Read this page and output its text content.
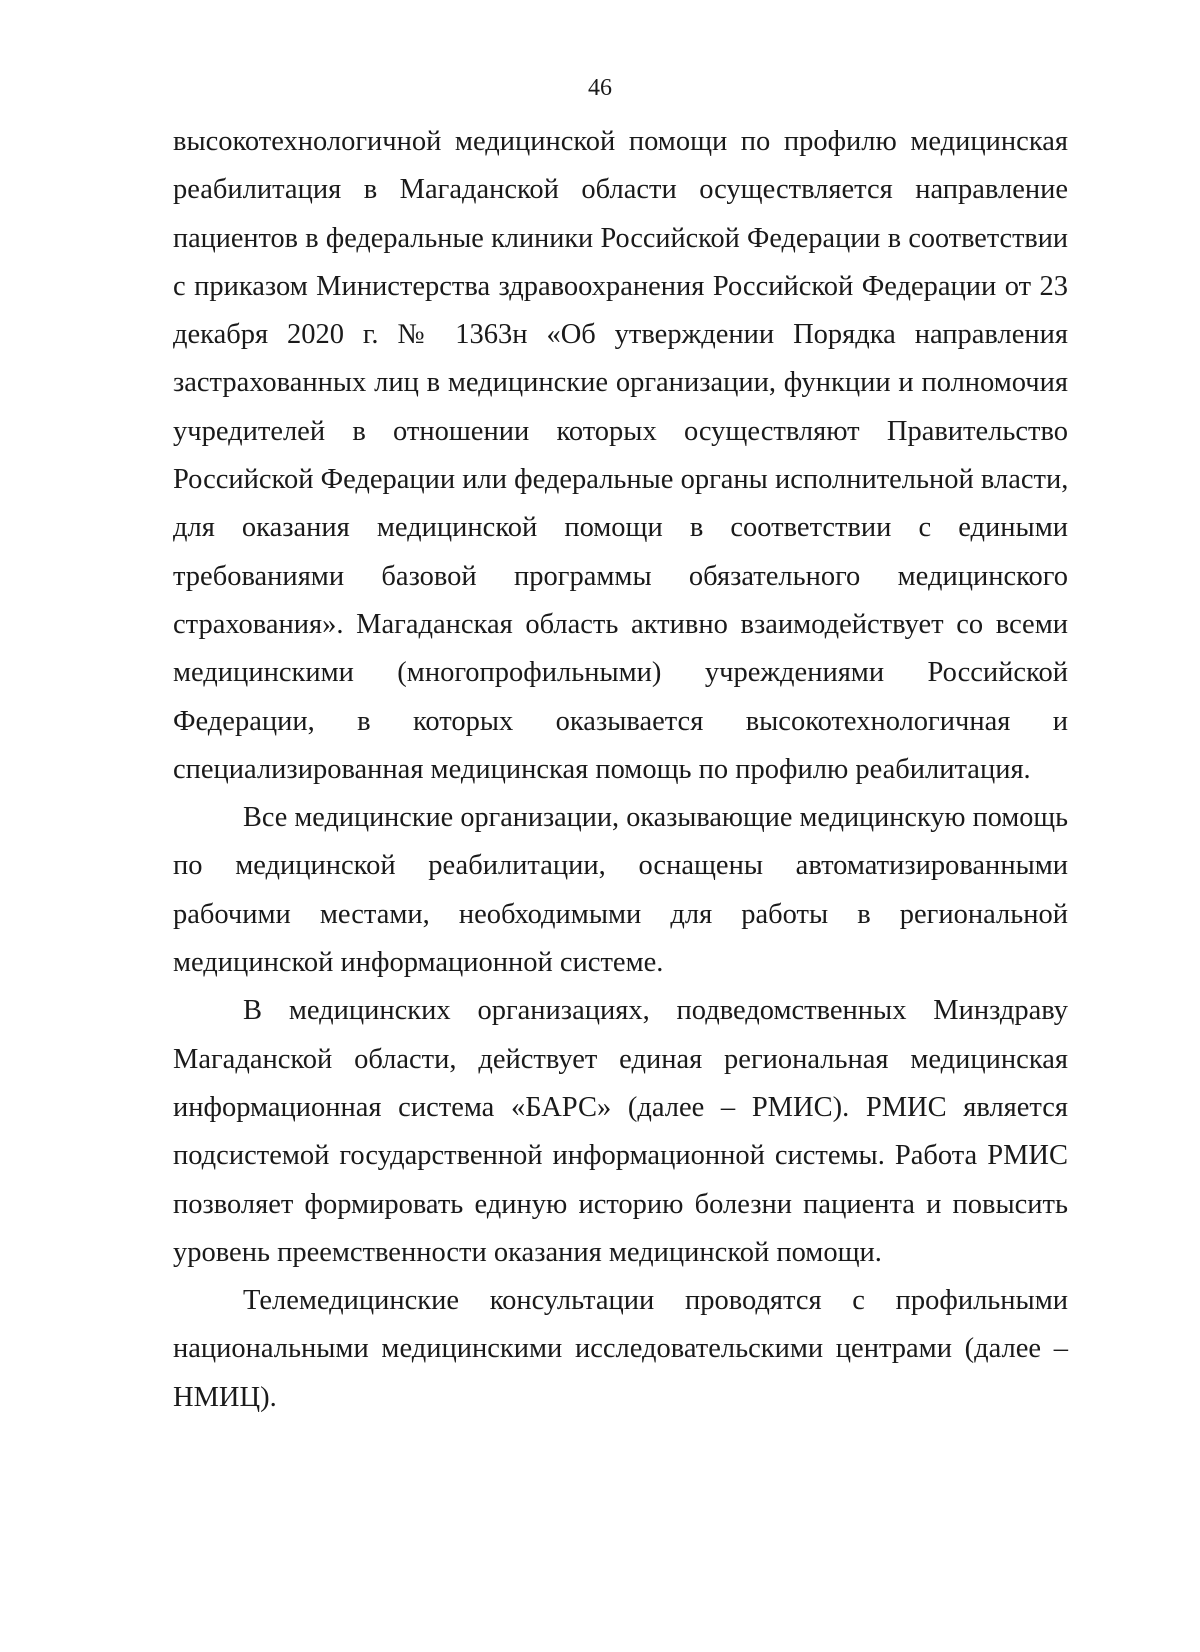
46
высокотехнологичной медицинской помощи по профилю медицинская
реабилитация в Магаданской области осуществляется направление
пациентов в федеральные клиники Российской Федерации в соответствии
с приказом Министерства здравоохранения Российской Федерации от 23
декабря 2020 г. № 1363н «Об утверждении Порядка направления
застрахованных лиц в медицинские организации, функции и полномочия
учредителей в отношении которых осуществляют Правительство
Российской Федерации или федеральные органы исполнительной власти,
для оказания медицинской помощи в соответствии с едиными
требованиями базовой программы обязательного медицинского
страхования». Магаданская область активно взаимодействует со всеми
медицинскими (многопрофильными) учреждениями Российской
Федерации, в которых оказывается высокотехнологичная и
специализированная медицинская помощь по профилю реабилитация.
Все медицинские организации, оказывающие медицинскую помощь
по медицинской реабилитации, оснащены автоматизированными
рабочими местами, необходимыми для работы в региональной
медицинской информационной системе.
В медицинских организациях, подведомственных Минздраву
Магаданской области, действует единая региональная медицинская
информационная система «БАРС» (далее – РМИС). РМИС является
подсистемой государственной информационной системы. Работа РМИС
позволяет формировать единую историю болезни пациента и повысить
уровень преемственности оказания медицинской помощи.
Телемедицинские консультации проводятся с профильными
национальными медицинскими исследовательскими центрами (далее –
НМИЦ).
